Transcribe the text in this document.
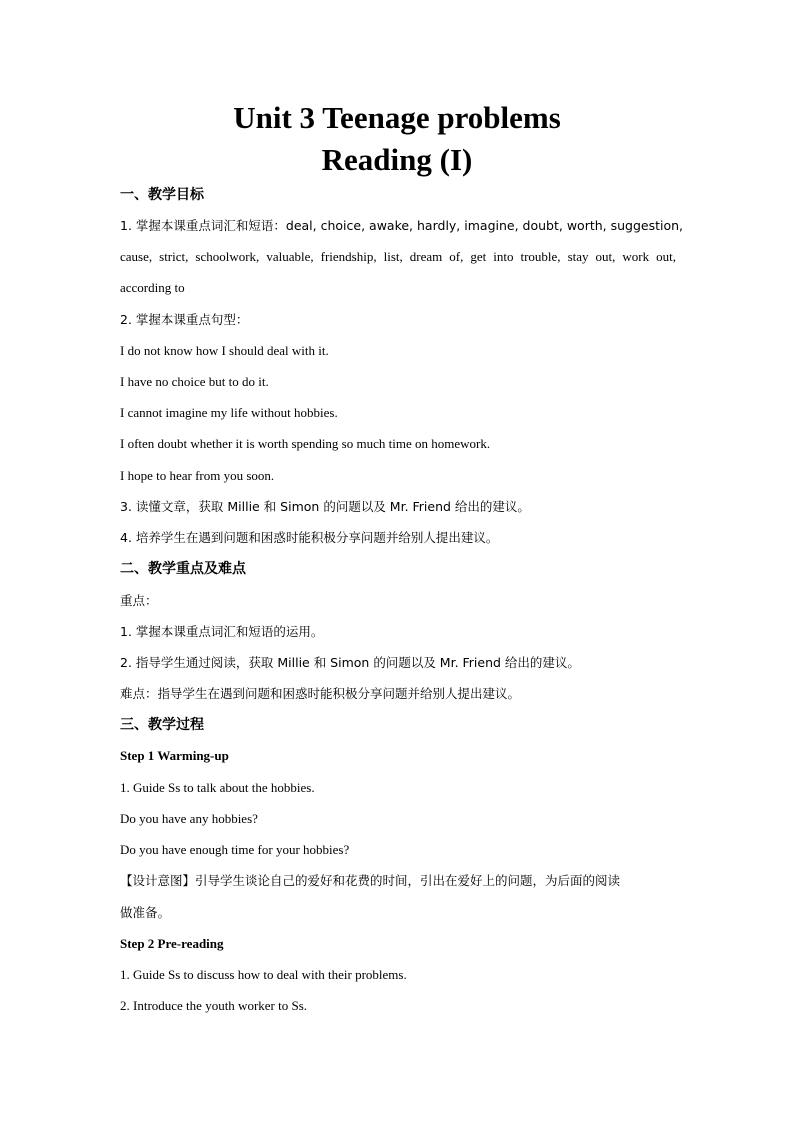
Unit 3 Teenage problems
Reading (I)
一、教学目标
1. 掌握本课重点词汇和短语：deal, choice, awake, hardly, imagine, doubt, worth, suggestion,
cause, strict, schoolwork, valuable, friendship, list, dream of, get into trouble, stay out, work out,
according to
2. 掌握本课重点句型：
I do not know how I should deal with it.
I have no choice but to do it.
I cannot imagine my life without hobbies.
I often doubt whether it is worth spending so much time on homework.
I hope to hear from you soon.
3. 读懂文章，获取 Millie 和 Simon 的问题以及 Mr. Friend 给出的建议。
4. 培养学生在遇到问题和困惑时能积极分享问题并给别人提出建议。
二、教学重点及难点
重点：
1. 掌握本课重点词汇和短语的运用。
2. 指导学生通过阅读，获取 Millie 和 Simon 的问题以及 Mr. Friend 给出的建议。
难点：指导学生在遇到问题和困惑时能积极分享问题并给别人提出建议。
三、教学过程
Step 1 Warming-up
1. Guide Ss to talk about the hobbies.
Do you have any hobbies?
Do you have enough time for your hobbies?
【设计意图】引导学生谈论自己的爱好和花费的时间，引出在爱好上的问题，为后面的阅读
做准备。
Step 2 Pre-reading
1. Guide Ss to discuss how to deal with their problems.
2. Introduce the youth worker to Ss.
